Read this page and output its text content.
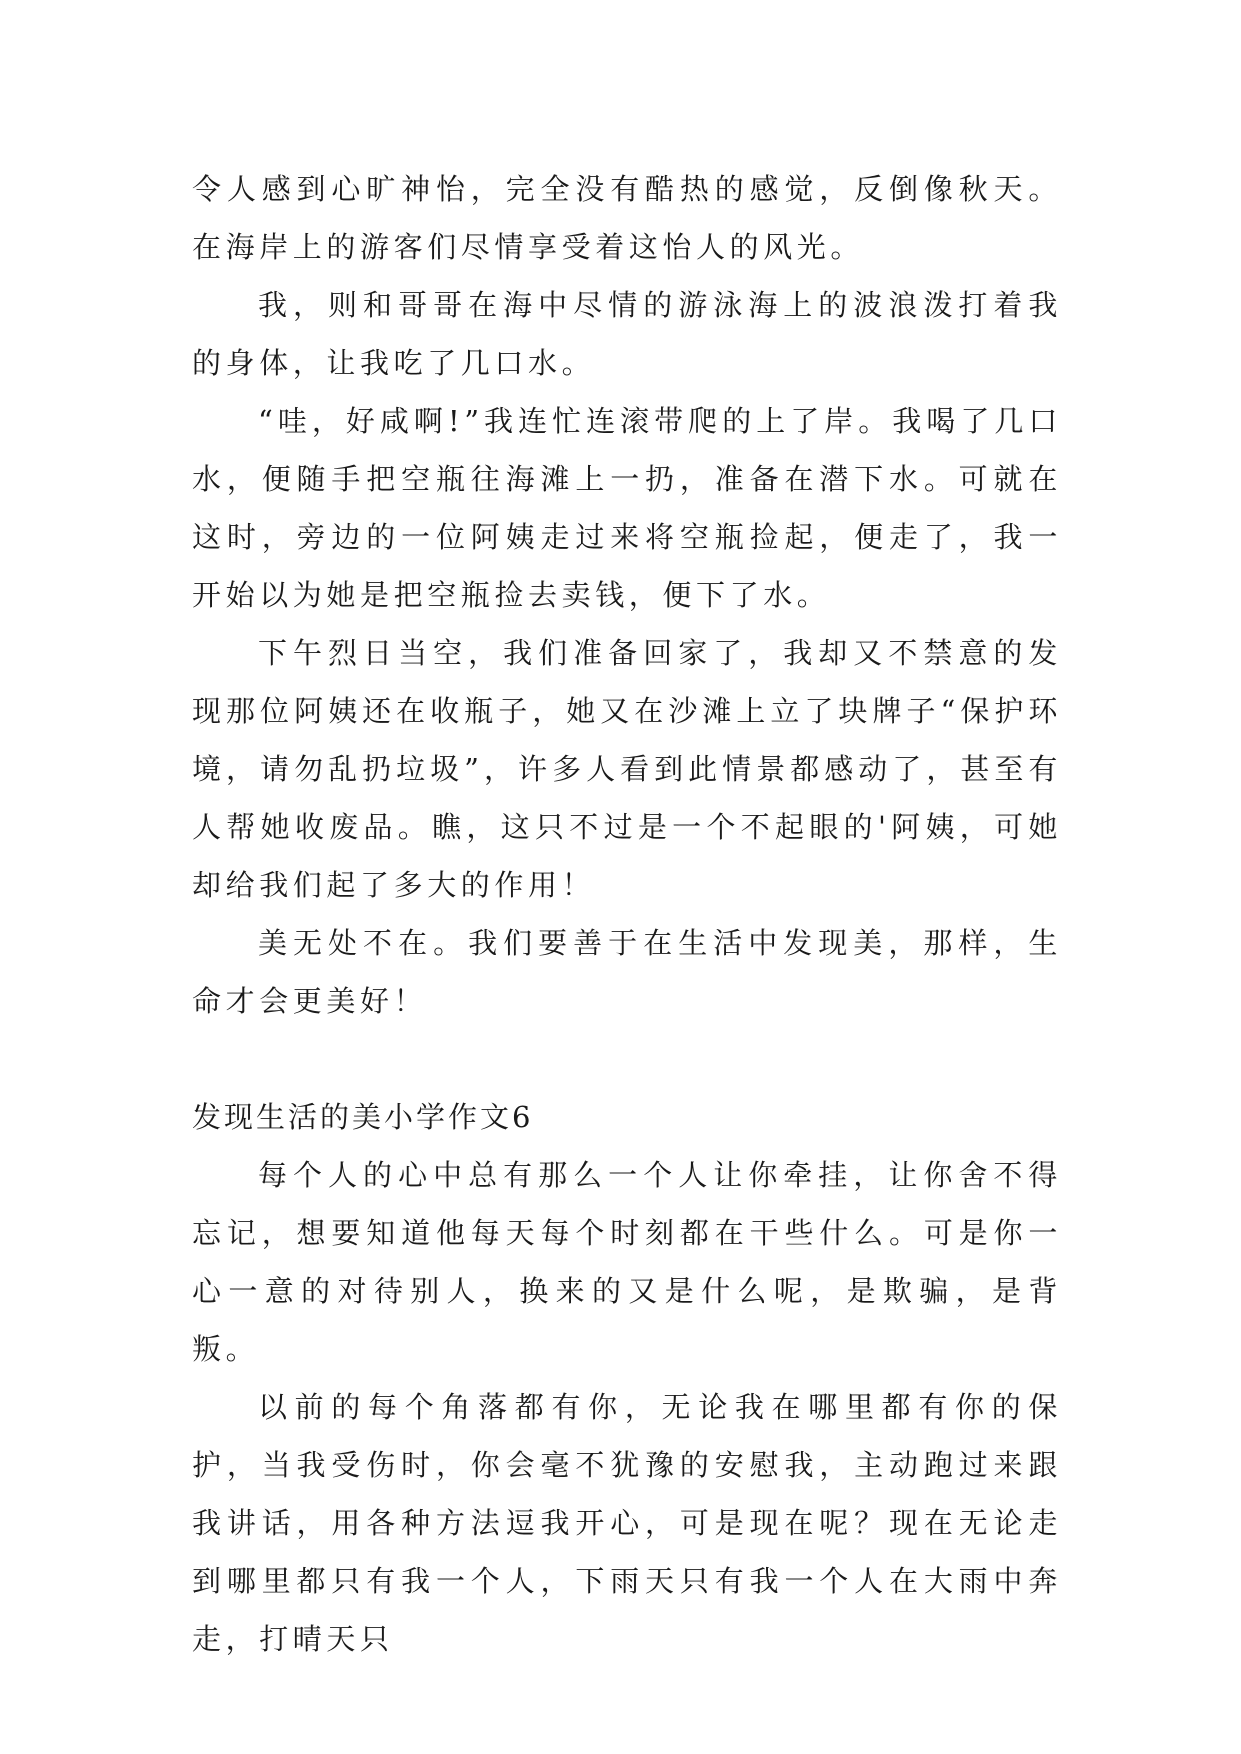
令人感到心旷神怡，完全没有酷热的感觉，反倒像秋天。在海岸上的游客们尽情享受着这怡人的风光。

我，则和哥哥在海中尽情的游泳海上的波浪泼打着我的身体，让我吃了几口水。

“哇，好咸啊!”我连忙连滚带爬的上了岸。我喝了几口水，便随手把空瓶往海滩上一扔，准备在潜下水。可就在这时，旁边的一位阿姨走过来将空瓶捡起，便走了，我一开始以为她是把空瓶捡去卖钱，便下了水。

下午烈日当空，我们准备回家了，我却又不禁意的发现那位阿姨还在收瓶子，她又在沙滩上立了块牌子“保护环境，请勿乱扔垃圾”，许多人看到此情景都感动了，甚至有人帮她收废品。瞧，这只不过是一个不起眼的'阿姨，可她却给我们起了多大的作用！

美无处不在。我们要善于在生活中发现美，那样，生命才会更美好！

发现生活的美小学作文6

每个人的心中总有那么一个人让你牵挂，让你舍不得忘记，想要知道他每天每个时刻都在干些什么。可是你一心一意的对待别人，换来的又是什么呢，是欺骗，是背叛。

以前的每个角落都有你，无论我在哪里都有你的保护，当我受伤时，你会毫不犹豫的安慰我，主动跑过来跟我讲话，用各种方法逗我开心，可是现在呢？现在无论走到哪里都只有我一个人，下雨天只有我一个人在大雨中奔走，打晴天只
